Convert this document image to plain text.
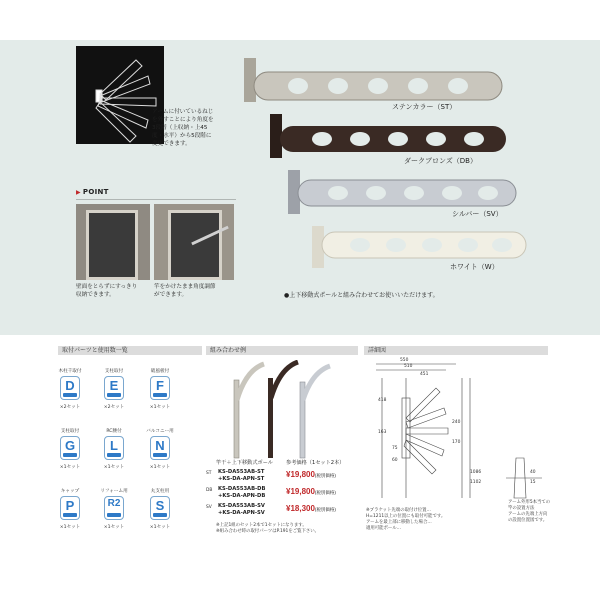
アームに付いているねじ
を外すことにより角度を
3段階（上収納・上45
度・水平）から5段階に
変更できます。
ステンカラー（ST）
ダークブロンズ（DB）
シルバー（SV）
ホワイト（W）
▶ POINT
壁面をとらずにすっきり
収納できます。
竿をかけたまま角度調節
ができます。	●上下移動式ポールと組み合わせてお使いいただけます。
取付パーツと使用数一覧
木柱千取付
D
×2セット
支柱取付
E
×2セット
破風板付
F
×1セット
支柱取付
G
×1セット
RC腰付
L
×1セット
バルコニー用
N
×1セット
キャップ
P
×1セット
リフォーム用
R2
×1セット
丸支柱用
S
×1セット
組み合わせ例
竿干＋上下移動式ポール	参考価格（1セット2本）
ST KS-DA553AB-ST
+KS-DA-APN-ST	¥19,800(税別価格)
DB KS-DA553AB-DB
+KS-DA-APN-DB	¥19,800(税別価格)
SV KS-DA553AB-SV
+KS-DA-APN-SV	¥18,300(税別価格)
※上記1組のセット2本で1セットになります。
※組み合わせ時の取付パーツはP.191をご覧下さい。
詳細図
550
510
451
418
163
75
60
240
170
1086
1102
40
15
※ブラケット先端の取付け位置…
H=1211以上の位置にも取付可能です。
アームを最上部に移動した場合…
適用可能ポール…
アーム外形5本当ての
竿の設置方法
アームの先端上方向
の設置位置図です。
